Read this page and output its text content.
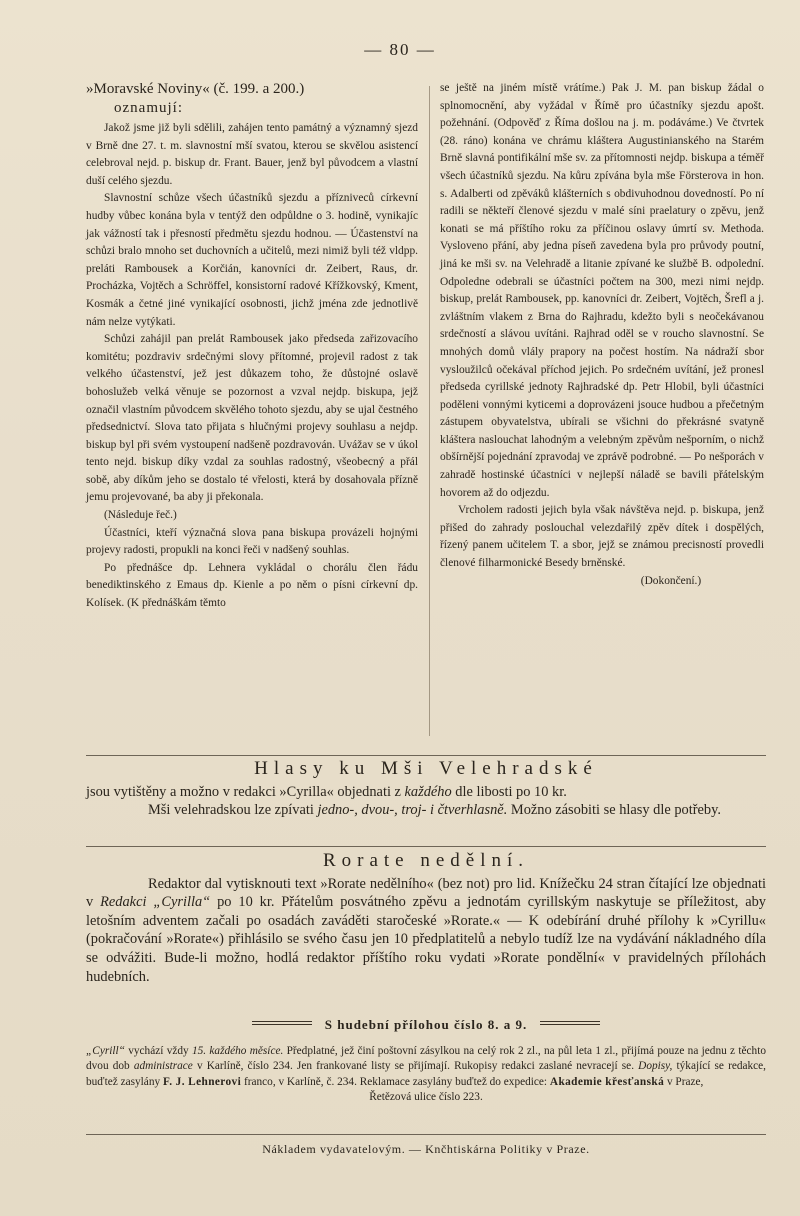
— 80 —
»Moravské Noviny« (č. 199. a 200.)
oznamují:

Jakož jsme již byli sdělili, zahájen tento památný a významný sjezd v Brně dne 27. t. m. slavnostní mší svatou, kterou se skvělou asistencí celebroval nejd. p. biskup dr. Frant. Bauer, jenž byl původcem a vlastní duší celého sjezdu.

Slavnostní schůze všech účastníků sjezdu a přízniveců církevní hudby vůbec konána byla v tentýž den odpůldne o 3. hodině, vynikajíc jak vážností tak i přesností předmětu sjezdu hodnou. — Účastenství na schůzi bralo mnoho set duchovních a učitelů, mezi nimiž byli též vldpp. preláti Rambousek a Korčián, kanovníci dr. Zeibert, Raus, dr. Procházka, Vojtěch a Schröffel, konsistorní radové Křížkovský, Kment, Kosmák a četné jiné vynikající osobnosti, jichž jména zde jednotlivě nám nelze vytýkati.

Schůzi zahájil pan prelát Rambousek jako předseda zařizovacího komitétu; pozdraviv srdečnými slovy přítomné, projevil radost z tak velkého účastenství, jež jest důkazem toho, že důstojné oslavě bohoslužeb velká věnuje se pozornost a vzval nejdp. biskupa, jejž označil vlastním původcem skvělého tohoto sjezdu, aby se ujal čestného předsednictví. Slova tato přijata s hlučnými projevy souhlasu a nejdp. biskup byl při svém vystoupení nadšeně pozdravován. Uvážav se v úkol tento nejd. biskup díky vzdal za souhlas radostný, všeobecný a přál sobě, aby díkům jeho se dostalo té vřelosti, která by dosahovala přízně jemu projevované, ba aby ji překonala.

(Následuje řeč.)

Účastníci, kteří význačná slova pana biskupa provázeli hojnými projevy radosti, propukli na konci řeči v nadšený souhlas.

Po přednášce dp. Lehnera vykládal o chorálu člen řádu benediktinského z Emaus dp. Kienle a po něm o písni církevní dp. Kolísek. (K přednáškám těmto

se ještě na jiném místě vrátíme.) Pak J. M. pan biskup žádal o splnomocnění, aby vyžádal v Římě pro účastníky sjezdu apošt. požehnání. (Odpověď z Říma došlou na j. m. podáváme.) Ve čtvrtek (28. ráno) konána ve chrámu kláštera Augustinianského na Starém Brně slavná pontifikální mše sv. za přítomnosti nejdp. biskupa a téměř všech účastníků sjezdu. Na kůru zpívána byla mše Försterova in hon. s. Adalberti od zpěváků klášterních s obdivuhodnou dovedností. Po ní radili se někteří členové sjezdu v malé síni praelatury o zpěvu, jenž konati se má příštího roku za příčinou oslavy úmrtí sv. Methoda. Vysloveno přání, aby jedna píseň zavedena byla pro průvody poutní, jiná ke mši sv. na Velehradě a litanie zpívané ke službě B. odpolední. Odpoledne odebrali se účastníci počtem na 300, mezi nimi nejdp. biskup, prelát Rambousek, pp. kanovníci dr. Zeibert, Vojtěch, Šrefl a j. zvláštním vlakem z Brna do Rajhradu, kdežto byli s neočekávanou srdečností a slávou uvítáni. Rajhrad oděl se v roucho slavnostní. Se mnohých domů vlály prapory na počest hostím. Na nádraží sbor vysloužilců očekával příchod jejich. Po srdečném uvítání, jež pronesl předseda cyrillské jednoty Rajhradské dp. Petr Hlobil, byli účastníci poděleni vonnými kyticemi a doprovázeni jsouce hudbou a přečetným zástupem obyvatelstva, ubírali se všichni do překrásné svatyně kláštera naslouchat lahodným a velebným zpěvům nešporním, o nichž obšírnější pojednání zpravodaj ve zprávě podrobné. — Po nešporách v zahradě hostinské účastníci v nejlepší náladě se bavili přátelským hovorem až do odjezdu.

Vrcholem radosti jejich byla však návštěva nejd. p. biskupa, jenž přišed do zahrady poslouchal velezdařilý zpěv dítek i dospělých, řízený panem učitelem T. a sbor, jejž se známou precisností provedli členové filharmonické Besedy brněnské.

(Dokončení.)

Hlasy ku Mši Velehradské

jsou vytištěny a možno v redakci »Cyrilla« objednati z každého dle libosti po 10 kr.

Mši velehradskou lze zpívati jedno-, dvou-, troj- i čtverhlasně. Možno zásobiti se hlasy dle potřeby.

Rorate nedělní.

Redaktor dal vytisknouti text »Rorate nedělního« (bez not) pro lid. Knížečku 24 stran čítající lze objednati v Redakci „Cyrilla“ po 10 kr. Přátelům posvátného zpěvu a jednotám cyrillským naskytuje se příležitost, aby letošním adventem začali po osadách zaváděti staročeské »Rorate.« — K odebírání druhé přílohy k »Cyrillu« (pokračování »Rorate«) přihlásilo se svého času jen 10 předplatitelů a nebylo tudíž lze na vydávání nákladného díla se odvážiti. Bude-li možno, hodlá redaktor příštího roku vydati »Rorate pondělní« v pravidelných přílohách hudebních.

S hudební přílohou číslo 8. a 9.

„Cyrill“ vychází vždy 15. každého měsíce. Předplatné, jež činí poštovní zásylkou na celý rok 2 zl., na půl leta 1 zl., přijímá pouze na jednu z těchto dvou dob administrace v Karlíně, číslo 234. Jen frankované listy se přijímají. Rukopisy redakci zaslané nevracejí se. Dopisy, týkající se redakce, buďtež zasylány F. J. Lehnerovi franco, v Karlíně, č. 234. Reklamace zasylány buďtež do expedice: Akademie křesťanská v Praze,
Řetězová ulice číslo 223.

Nákladem vydavatelovým. — Knčhtiskárna Politiky v Praze.
